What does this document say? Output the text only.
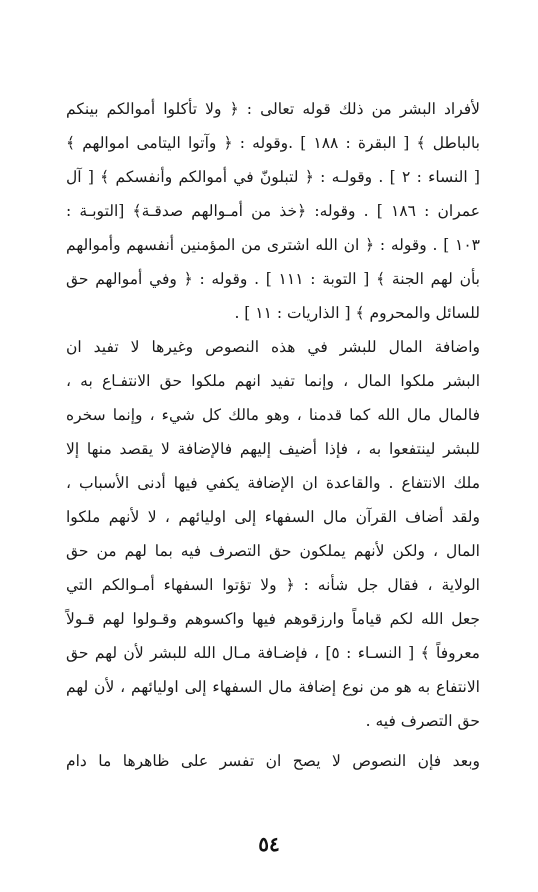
لأفراد البشر من ذلك قوله تعالى : ﴿ ولا تأكلوا أموالكم بينكم
بالباطل ﴾ [ البقرة : ١٨٨ ] .وقوله : ﴿ وآتوا اليتامى اموالهم ﴾
[ النساء : ٢ ] . وقولـه : ﴿ لتبلونّ في أموالكم وأنفسكم ﴾ [ آل
عمران : ١٨٦ ] . وقوله: ﴿خذ من أمـوالهم صدقـة﴾ [التوبـة :
١٠٣ ] . وقوله : ﴿ ان الله اشترى من المؤمنين أنفسهم وأموالهم
بأن لهم الجنة ﴾ [ التوبة : ١١١ ] . وقوله : ﴿ وفي أموالهم حق
للسائل والمحروم ﴾ [ الذاريات : ١١ ] .
واضافة المال للبشر في هذه النصوص وغيرها لا تفيد ان
البشر ملكوا المال ، وإنما تفيد انهم ملكوا حق الانتفـاع به ،
فالمال مال الله كما قدمنا ، وهو مالك كل شيء ، وإنما سخره
للبشر لينتفعوا به ، فإذا أضيف إليهم فالإضافة لا يقصد منها إلا
ملك الانتفاع . والقاعدة ان الإضافة يكفي فيها أدنى الأسباب ،
ولقد أضاف القرآن مال السفهاء إلى اوليائهم ، لا لأنهم ملكوا
المال ، ولكن لأنهم يملكون حق التصرف فيه بما لهم من حق
الولاية ، فقال جل شأنه : ﴿ ولا تؤتوا السفهاء أمـوالكم التي
جعل الله لكم قياماً وارزقوهم فيها واكسوهم وقـولوا لهم قـولاً
معروفاً ﴾ [ النسـاء : ٥] ، فإضـافة مـال الله للبشر لأن لهم حق
الانتفاع به هو من نوع إضافة مال السفهاء إلى اوليائهم ، لأن لهم
حق التصرف فيه .
وبعد فإن النصوص لا يصح ان تفسر على ظاهرها ما دام
٥٤
